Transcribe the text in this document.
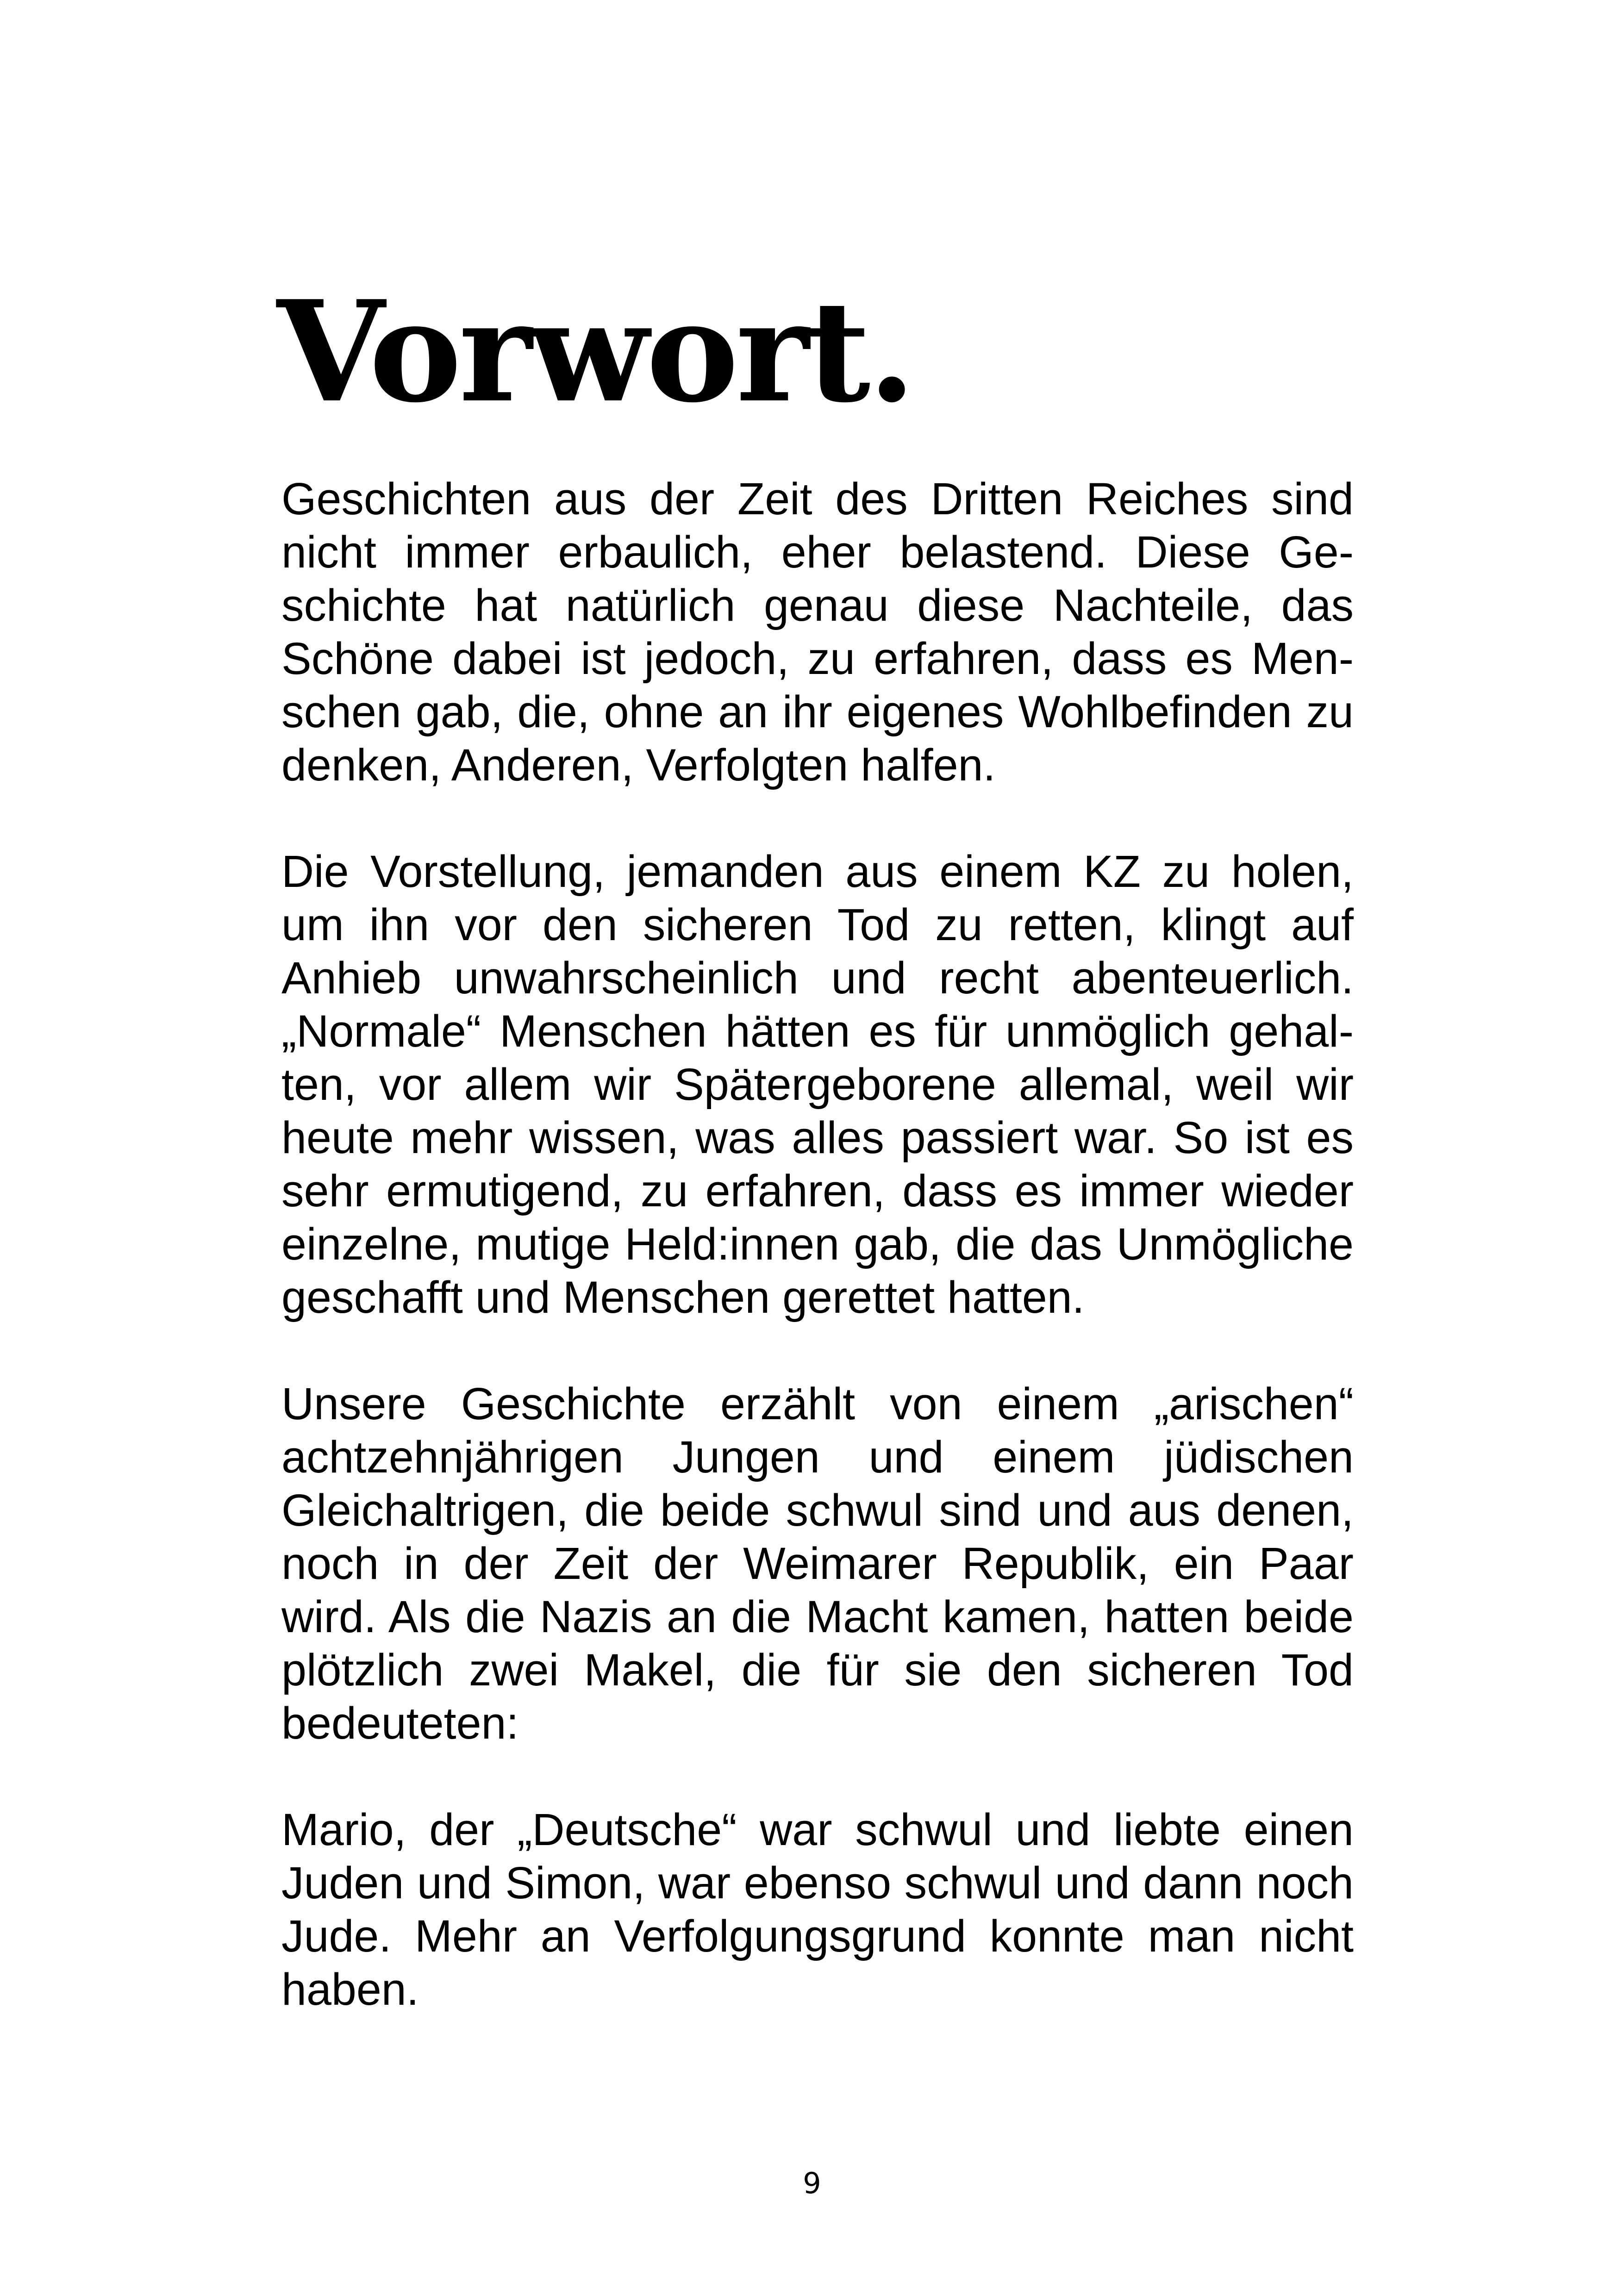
Vorwort.

Geschichten aus der Zeit des Dritten Reiches sind nicht immer erbaulich, eher belastend. Diese Geschichte hat natürlich genau diese Nachteile, das Schöne dabei ist jedoch, zu erfahren, dass es Menschen gab, die, ohne an ihr eigenes Wohlbefinden zu denken, Anderen, Verfolgten halfen.

Die Vorstellung, jemanden aus einem KZ zu holen, um ihn vor den sicheren Tod zu retten, klingt auf Anhieb unwahrscheinlich und recht abenteuerlich. „Normale“ Menschen hätten es für unmöglich gehalten, vor allem wir Spätergeborene allemal, weil wir heute mehr wissen, was alles passiert war. So ist es sehr ermutigend, zu erfahren, dass es immer wieder einzelne, mutige Held:innen gab, die das Unmögliche geschafft und Menschen gerettet hatten.

Unsere Geschichte erzählt von einem „arischen“ achtzehnjährigen Jungen und einem jüdischen Gleichaltrigen, die beide schwul sind und aus denen, noch in der Zeit der Weimarer Republik, ein Paar wird. Als die Nazis an die Macht kamen, hatten beide plötzlich zwei Makel, die für sie den sicheren Tod bedeuteten:

Mario, der „Deutsche“ war schwul und liebte einen Juden und Simon, war ebenso schwul und dann noch Jude. Mehr an Verfolgungsgrund konnte man nicht haben.

9
